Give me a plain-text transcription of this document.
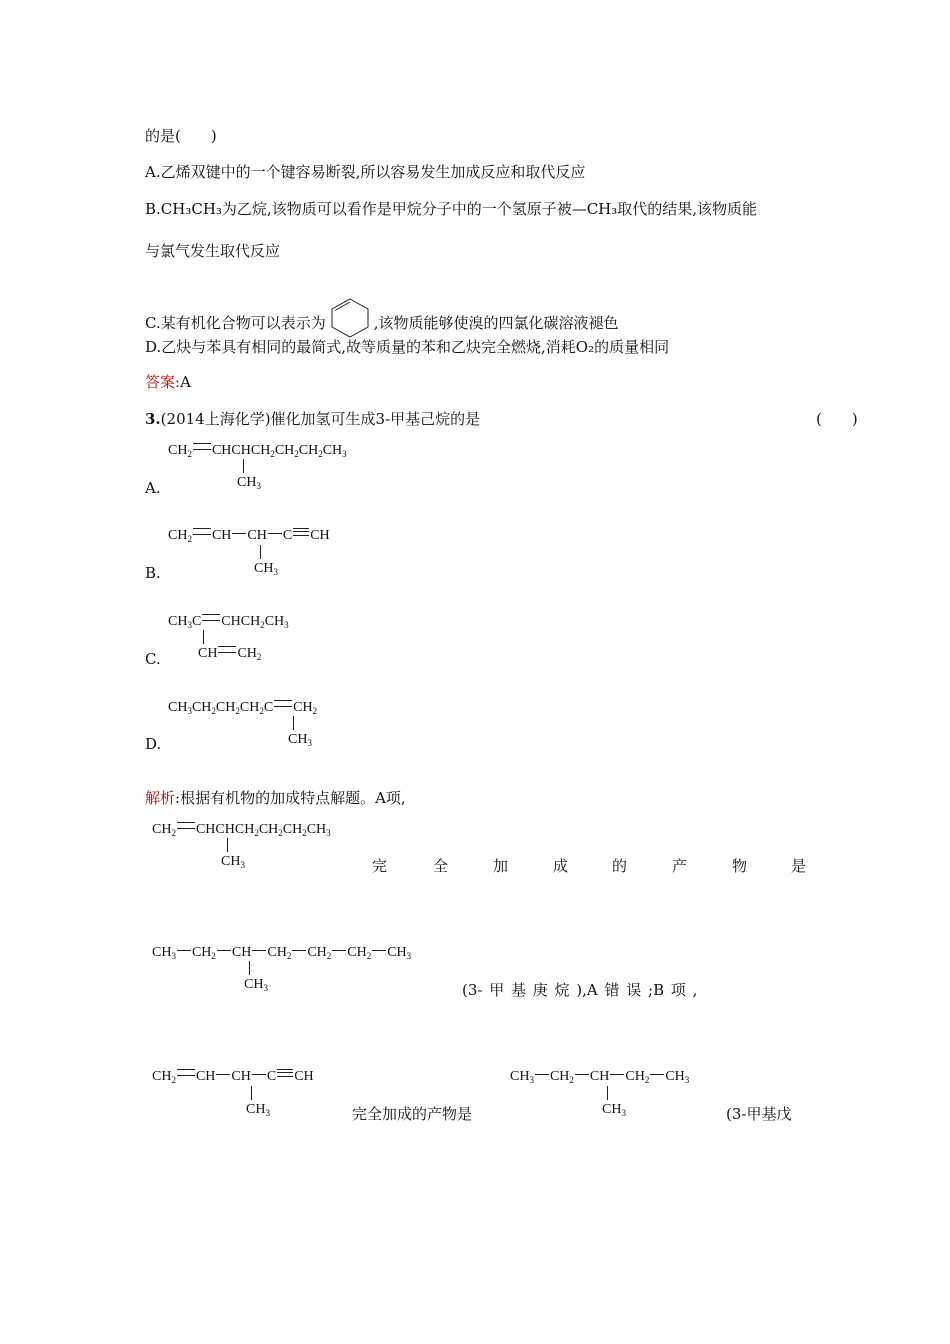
的是(　　)
A.乙烯双键中的一个键容易断裂,所以容易发生加成反应和取代反应
B.CH₃CH₃为乙烷,该物质可以看作是甲烷分子中的一个氢原子被—CH₃取代的结果,该物质能
与氯气发生取代反应
C.某有机化合物可以表示为	,该物质能够使溴的四氯化碳溶液褪色
D.乙炔与苯具有相同的最简式,故等质量的苯和乙炔完全燃烧,消耗O₂的质量相同
答案:A
3.(2014上海化学)催化加氢可生成3-甲基己烷的是	(　　)
$CH_2$ $CHCHCH_2CH_2CH_2CH_3$
$CH_3$
A.
$CH_2$ CH CH C CH
$CH_3$
B.
$CH_3C$ $CHCH_2CH_3$
CH $CH_2$
C.
$CH_3CH_2CH_2CH_2C$ $CH_2$
$CH_3$
D.
解析:根据有机物的加成特点解题。A项,
$CH_2$ $CHCHCH_2CH_2CH_2CH_3$
$CH_3$	完	全	加	成	的	产	物	是
$CH_3$ $CH_2$ CH $CH_2$ $CH_2$ $CH_2$ $CH_3$
$CH_3$	(3- 甲 基 庚 烷 ),A 错 误 ;B 项 ,
$CH_2$ CH CH C CH
$CH_3$	完全加成的产物是
$CH_3$ $CH_2$ CH $CH_2$ $CH_3$
$CH_3$	(3-甲基戊
